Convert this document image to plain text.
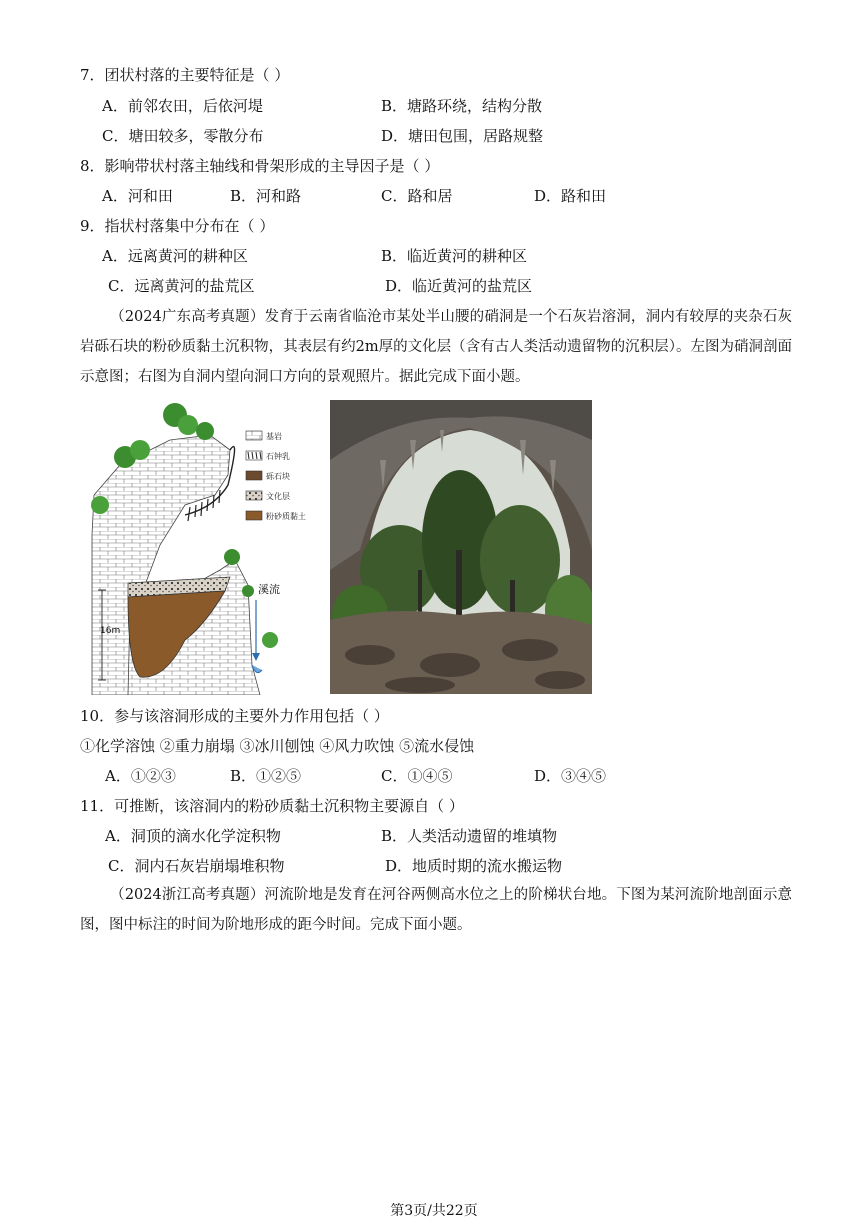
7．团状村落的主要特征是（ ）
A．前邻农田，后依河堤	B．塘路环绕，结构分散
C．塘田较多，零散分布	D．塘田包围，居路规整
8．影响带状村落主轴线和骨架形成的主导因子是（ ）
A．河和田	B．河和路	C．路和居	D．路和田
9．指状村落集中分布在（ ）
A．远离黄河的耕种区	B．临近黄河的耕种区
C．远离黄河的盐荒区	D．临近黄河的盐荒区
（2024广东高考真题）发育于云南省临沧市某处半山腰的硝洞是一个石灰岩溶洞，洞内有较厚的夹杂石灰岩砾石块的粉砂质黏土沉积物，其表层有约2m厚的文化层（含有古人类活动遗留物的沉积层）。左图为硝洞剖面示意图；右图为自洞内望向洞口方向的景观照片。据此完成下面小题。
16m
溪流
基岩
石钟乳
砾石块
文化层
粉砂质黏土
10．参与该溶洞形成的主要外力作用包括（ ）
①化学溶蚀 ②重力崩塌 ③冰川刨蚀 ④风力吹蚀 ⑤流水侵蚀
A．①②③	B．①②⑤	C．①④⑤	D．③④⑤
11．可推断，该溶洞内的粉砂质黏土沉积物主要源自（ ）
A．洞顶的滴水化学淀积物	B．人类活动遗留的堆填物
C．洞内石灰岩崩塌堆积物	D．地质时期的流水搬运物
（2024浙江高考真题）河流阶地是发育在河谷两侧高水位之上的阶梯状台地。下图为某河流阶地剖面示意图，图中标注的时间为阶地形成的距今时间。完成下面小题。
第3页/共22页
